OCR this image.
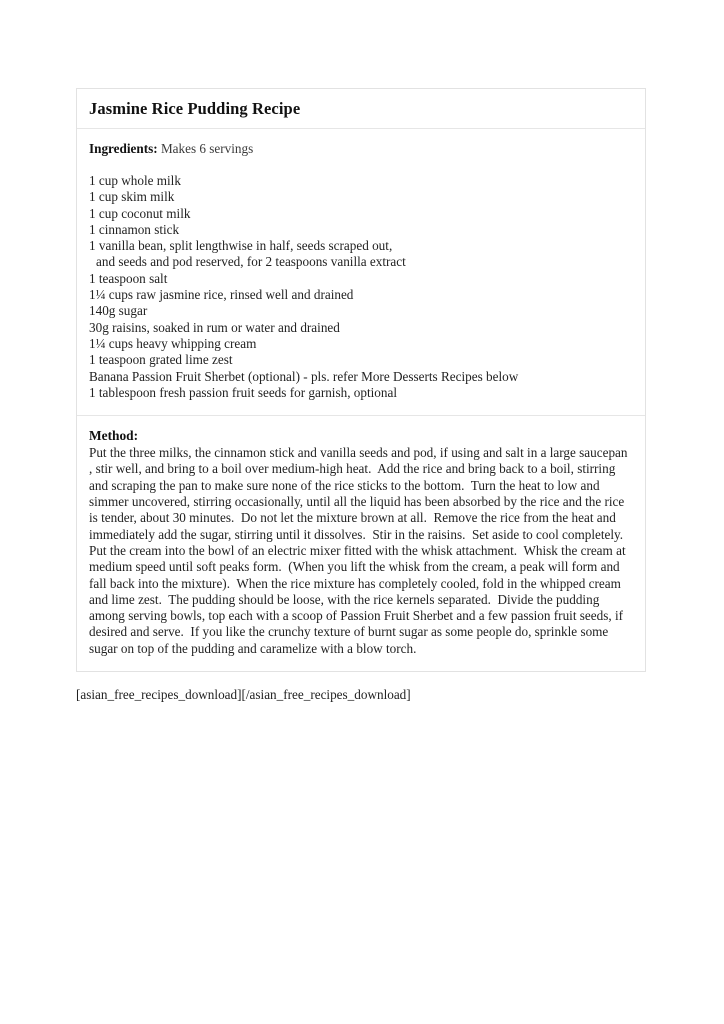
Jasmine Rice Pudding Recipe

Ingredients: Makes 6 servings

1 cup whole milk
1 cup skim milk
1 cup coconut milk
1 cinnamon stick
1 vanilla bean, split lengthwise in half, seeds scraped out,
and seeds and pod reserved, for 2 teaspoons vanilla extract
1 teaspoon salt
1¼ cups raw jasmine rice, rinsed well and drained
140g sugar
30g raisins, soaked in rum or water and drained
1¼ cups heavy whipping cream
1 teaspoon grated lime zest
Banana Passion Fruit Sherbet (optional) - pls. refer More Desserts Recipes below
1 tablespoon fresh passion fruit seeds for garnish, optional

Method:

Put the three milks, the cinnamon stick and vanilla seeds and pod, if using and salt in a large saucepan , stir well, and bring to a boil over medium-high heat.  Add the rice and bring back to a boil, stirring and scraping the pan to make sure none of the rice sticks to the bottom.  Turn the heat to low and simmer uncovered, stirring occasionally, until all the liquid has been absorbed by the rice and the rice is tender, about 30 minutes.  Do not let the mixture brown at all.  Remove the rice from the heat and immediately add the sugar, stirring until it dissolves.  Stir in the raisins.  Set aside to cool completely.  Put the cream into the bowl of an electric mixer fitted with the whisk attachment.  Whisk the cream at medium speed until soft peaks form.  (When you lift the whisk from the cream, a peak will form and fall back into the mixture).  When the rice mixture has completely cooled, fold in the whipped cream and lime zest.  The pudding should be loose, with the rice kernels separated.  Divide the pudding among serving bowls, top each with a scoop of Passion Fruit Sherbet and a few passion fruit seeds, if desired and serve.  If you like the crunchy texture of burnt sugar as some people do, sprinkle some sugar on top of the pudding and caramelize with a blow torch.

[asian_free_recipes_download][/asian_free_recipes_download]
